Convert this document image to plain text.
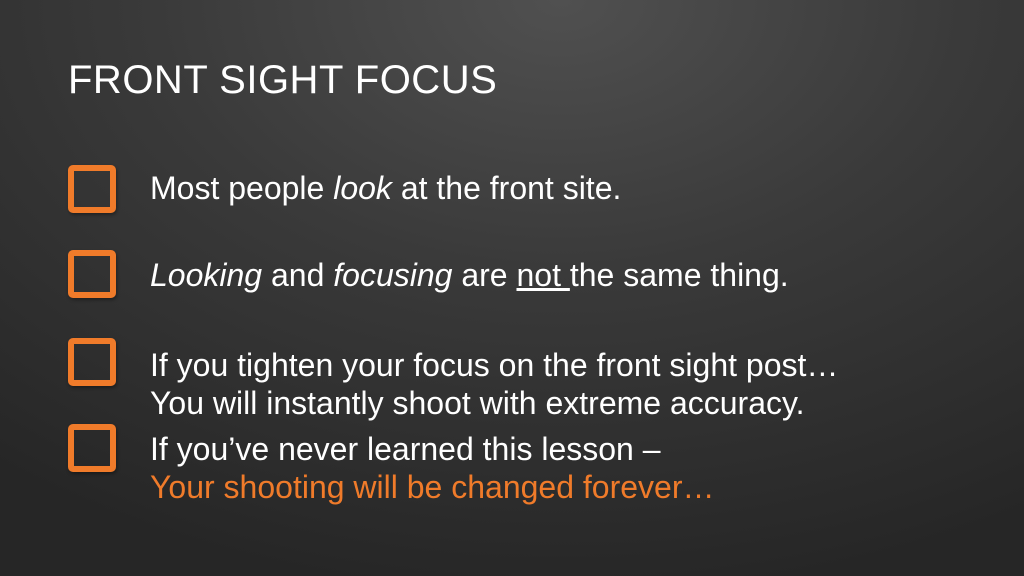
FRONT SIGHT FOCUS
Most people look at the front site.
Looking and focusing are not the same thing.
If you tighten your focus on the front sight post…
You will instantly shoot with extreme accuracy.
If you’ve never learned this lesson –
Your shooting will be changed forever…
